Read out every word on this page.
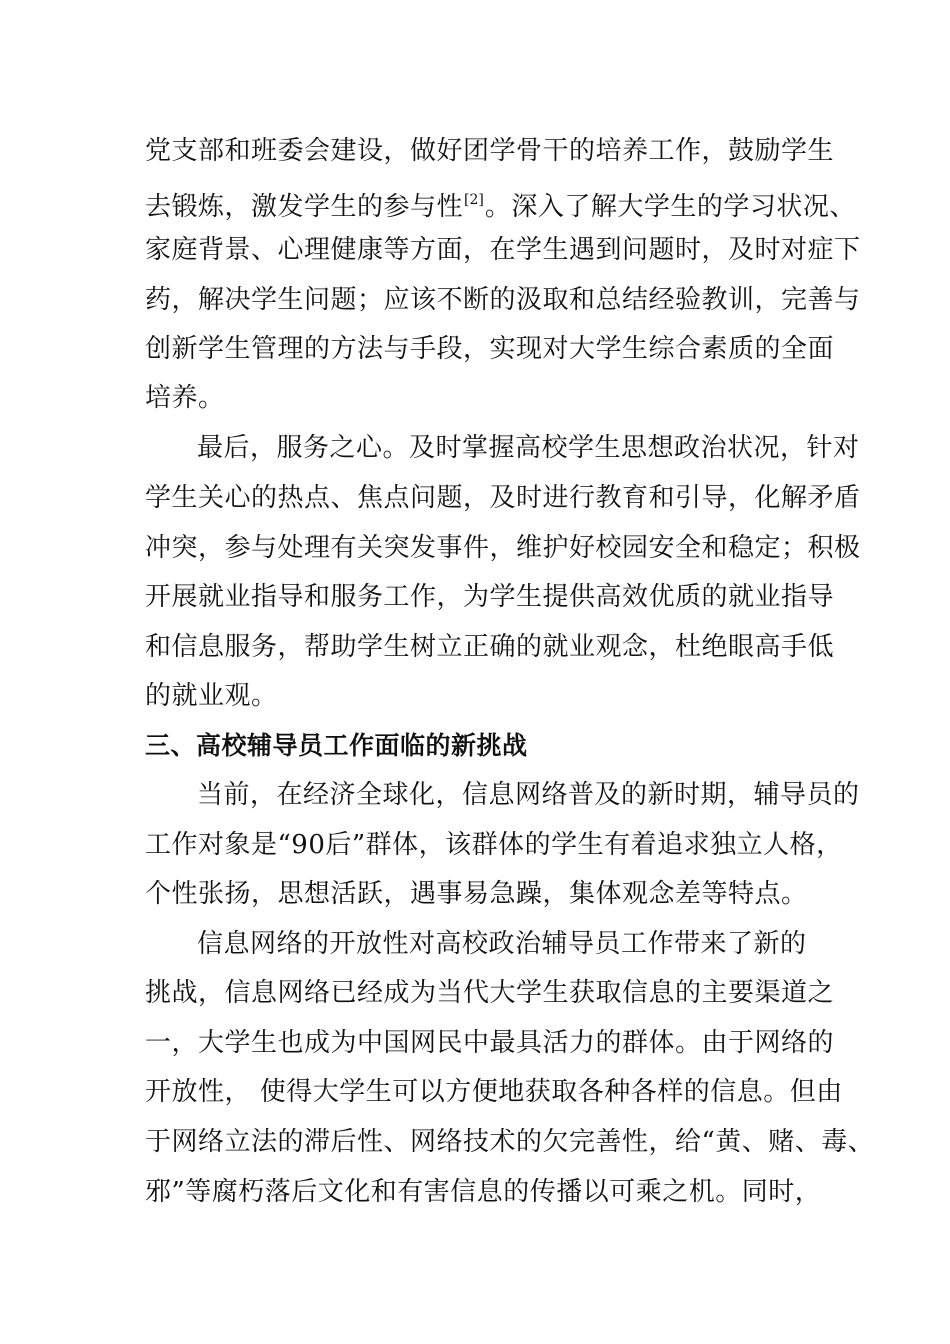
党支部和班委会建设，做好团学骨干的培养工作，鼓励学生
去锻炼，激发学生的参与性[2]。深入了解大学生的学习状况、
家庭背景、心理健康等方面，在学生遇到问题时，及时对症下
药，解决学生问题；应该不断的汲取和总结经验教训，完善与
创新学生管理的方法与手段，实现对大学生综合素质的全面
培养。
最后，服务之心。及时掌握高校学生思想政治状况，针对
学生关心的热点、焦点问题，及时进行教育和引导，化解矛盾
冲突，参与处理有关突发事件，维护好校园安全和稳定；积极
开展就业指导和服务工作，为学生提供高效优质的就业指导
和信息服务，帮助学生树立正确的就业观念，杜绝眼高手低
的就业观。
三、高校辅导员工作面临的新挑战
当前，在经济全球化，信息网络普及的新时期，辅导员的
工作对象是“90后”群体，该群体的学生有着追求独立人格，
个性张扬，思想活跃，遇事易急躁，集体观念差等特点。
信息网络的开放性对高校政治辅导员工作带来了新的
挑战，信息网络已经成为当代大学生获取信息的主要渠道之
一，大学生也成为中国网民中最具活力的群体。由于网络的
开放性， 使得大学生可以方便地获取各种各样的信息。但由
于网络立法的滞后性、网络技术的欠完善性，给“黄、赌、毒、
邪”等腐朽落后文化和有害信息的传播以可乘之机。同时，
